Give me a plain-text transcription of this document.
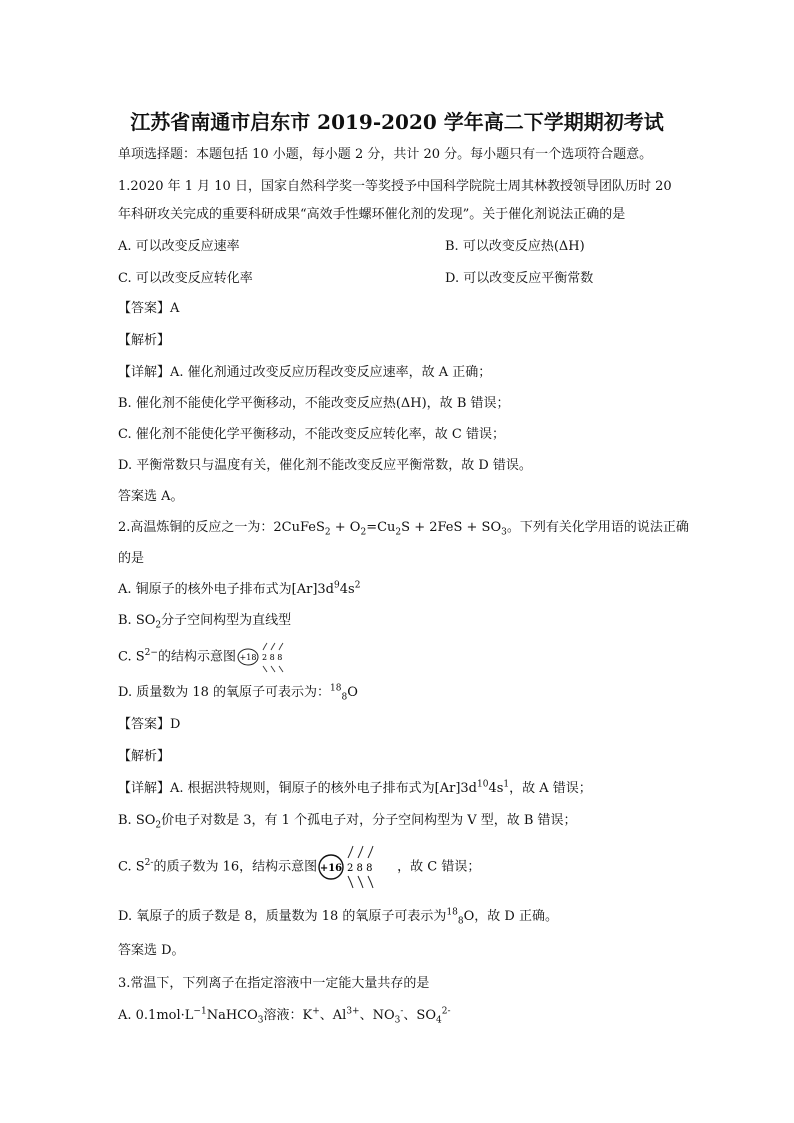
江苏省南通市启东市 2019-2020 学年高二下学期期初考试
单项选择题：本题包括 10 小题，每小题 2 分，共计 20 分。每小题只有一个选项符合题意。
1.2020 年 1 月 10 日，国家自然科学奖一等奖授予中国科学院院士周其林教授领导团队历时 20
年科研攻关完成的重要科研成果“高效手性螺环催化剂的发现”。关于催化剂说法正确的是
A. 可以改变反应速率	B. 可以改变反应热(ΔH)
C. 可以改变反应转化率	D. 可以改变反应平衡常数
【答案】A
【解析】
【详解】A. 催化剂通过改变反应历程改变反应速率，故 A 正确；
B. 催化剂不能使化学平衡移动，不能改变反应热(ΔH)，故 B 错误；
C. 催化剂不能使化学平衡移动，不能改变反应转化率，故 C 错误；
D. 平衡常数只与温度有关，催化剂不能改变反应平衡常数，故 D 错误。
答案选 A。
2.高温炼铜的反应之一为：2CuFeS$_2$ + $O_2=Cu_2S + 2FeS + SO_3$。下列有关化学用语的说法正确
的是
A. 铜原子的核外电子排布式为$[Ar]3d^94s^2$
B. $SO_2$分子空间构型为直线型
C. $S^{2-}$的结构示意图 +18 2 8 8
D. 质量数为 18 的氧原子可表示为：$^{18}_8$O
【答案】D
【解析】
【详解】A. 根据洪特规则，铜原子的核外电子排布式为$[Ar]3d^{10}4s^1$，故 A 错误；
B. $SO_2$价电子对数是 3，有 1 个孤电子对，分子空间构型为 V 型，故 B 错误；
C. $S^{2-}$的质子数为 16，结构示意图 +16 2 8 8 ，故 C 错误；
D. 氧原子的质子数是 8，质量数为 18 的氧原子可表示为$^{18}_8$O，故 D 正确。
答案选 D。
3.常温下，下列离子在指定溶液中一定能大量共存的是
A. $0.1mol\cdot L^{-1}NaHCO_3$溶液：K+、$Al^{3+}$、$NO_3^-$、$SO_4^{2-}$
